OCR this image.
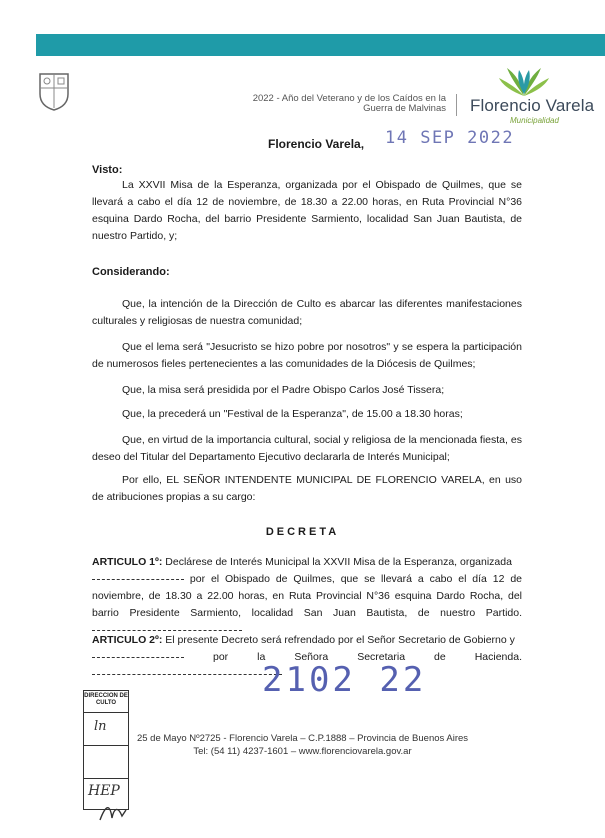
2022 - Año del Veterano y de los Caídos en la Guerra de Malvinas Florencio Varela
Municipalidad
Florencio Varela, 14 SEP 2022
Visto:
La XXVII Misa de la Esperanza, organizada por el Obispado de Quilmes, que se llevará a cabo el día 12 de noviembre, de 18.30 a 22.00 horas, en Ruta Provincial N°36 esquina Dardo Rocha, del barrio Presidente Sarmiento, localidad San Juan Bautista, de nuestro Partido, y;
Considerando:
Que, la intención de la Dirección de Culto es abarcar las diferentes manifestaciones culturales y religiosas de nuestra comunidad;
Que el lema será "Jesucristo se hizo pobre por nosotros" y se espera la participación de numerosos fieles pertenecientes a las comunidades de la Diócesis de Quilmes;
Que, la misa será presidida por el Padre Obispo Carlos José Tissera;
Que, la precederá un "Festival de la Esperanza", de 15.00 a 18.30 horas;
Que, en virtud de la importancia cultural, social y religiosa de la mencionada fiesta, es deseo del Titular del Departamento Ejecutivo declararla de Interés Municipal;
Por ello, EL SEÑOR INTENDENTE MUNICIPAL DE FLORENCIO VARELA, en uso de atribuciones propias a su cargo:
DECRETA
ARTICULO 1º: Declárese de Interés Municipal la XXVII Misa de la Esperanza, organizada
por el Obispado de Quilmes, que se llevará a cabo el día 12 de noviembre, de 18.30 a 22.00 horas, en Ruta Provincial N°36 esquina Dardo Rocha, del barrio Presidente Sarmiento, localidad San Juan Bautista, de nuestro Partido.
ARTICULO 2º: El presente Decreto será refrendado por el Señor Secretario de Gobierno y
por la Señora Secretaria de Hacienda.
2102 22
25 de Mayo Nº2725 - Florencio Varela – C.P.1888 – Provincia de Buenos Aires
Tel: (54 11) 4237-1601 – www.florenciovarela.gov.ar
DIRECCION DE CULTO
ln
HEP
